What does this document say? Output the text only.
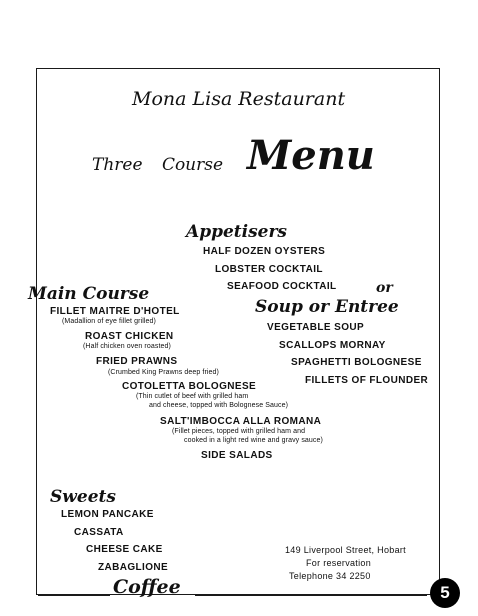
Mona Lisa Restaurant
Three Course Menu
Appetisers
HALF DOZEN OYSTERS
LOBSTER COCKTAIL
SEAFOOD COCKTAIL	or
Main Course
FILLET MAITRE D'HOTEL
(Madallion of eye fillet grilled)
ROAST CHICKEN
(Half chicken oven roasted)
FRIED PRAWNS
(Crumbed King Prawns deep fried)
COTOLETTA BOLOGNESE
(Thin cutlet of beef with grilled ham
and cheese, topped with Bolognese Sauce)
SALT'IMBOCCA ALLA ROMANA
(Fillet pieces, topped with grilled ham and
cooked in a light red wine and gravy sauce)
SIDE SALADS
Soup or Entree
VEGETABLE SOUP
SCALLOPS MORNAY
SPAGHETTI BOLOGNESE
FILLETS OF FLOUNDER
Sweets
LEMON PANCAKE
CASSATA
CHEESE CAKE
ZABAGLIONE
149 Liverpool Street, Hobart
For reservation
Telephone 34 2250
Coffee	5
